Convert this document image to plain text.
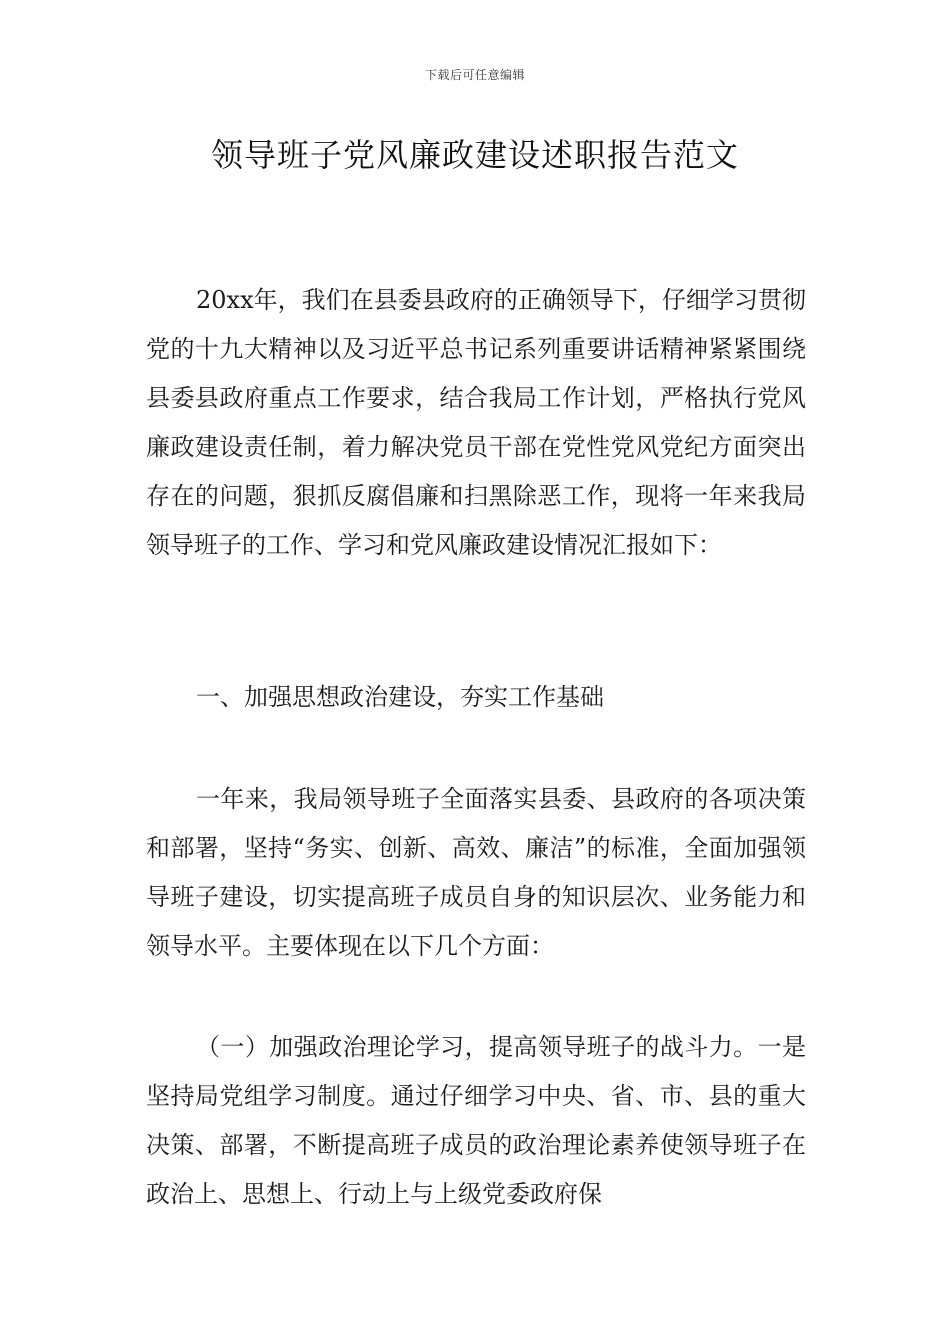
下载后可任意编辑
领导班子党风廉政建设述职报告范文

20xx年，我们在县委县政府的正确领导下，仔细学习贯彻党的十九大精神以及习近平总书记系列重要讲话精神紧紧围绕县委县政府重点工作要求，结合我局工作计划，严格执行党风廉政建设责任制，着力解决党员干部在党性党风党纪方面突出存在的问题，狠抓反腐倡廉和扫黑除恶工作，现将一年来我局领导班子的工作、学习和党风廉政建设情况汇报如下：

一、加强思想政治建设，夯实工作基础

一年来，我局领导班子全面落实县委、县政府的各项决策和部署，坚持“务实、创新、高效、廉洁”的标准，全面加强领导班子建设，切实提高班子成员自身的知识层次、业务能力和领导水平。主要体现在以下几个方面：

（一）加强政治理论学习，提高领导班子的战斗力。一是坚持局党组学习制度。通过仔细学习中央、省、市、县的重大决策、部署，不断提高班子成员的政治理论素养使领导班子在政治上、思想上、行动上与上级党委政府保
